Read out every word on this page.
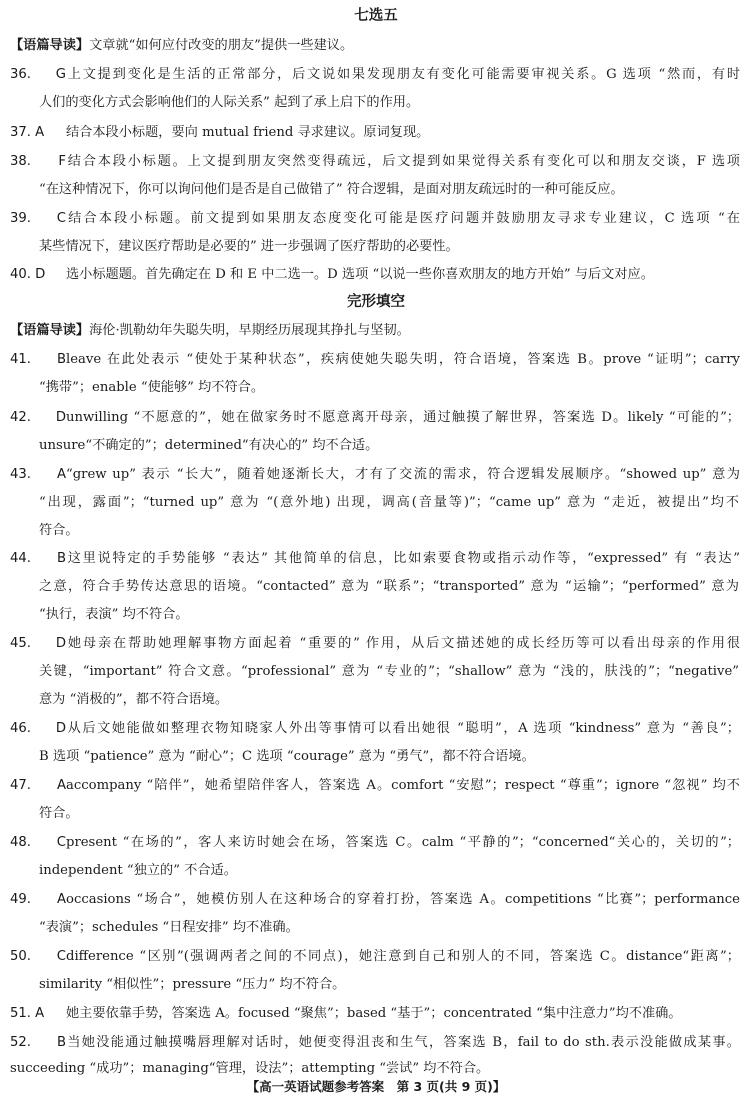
七选五
【语篇导读】文章就“如何应付改变的朋友”提供一些建议。
36. G上文提到变化是生活的正常部分，后文说如果发现朋友有变化可能需要审视关系。G 选项 “然而，有时
人们的变化方式会影响他们的人际关系” 起到了承上启下的作用。
37. A 结合本段小标题，要向 mutual friend 寻求建议。原词复现。
38. F结合本段小标题。上文提到朋友突然变得疏远，后文提到如果觉得关系有变化可以和朋友交谈，F 选项
“在这种情况下，你可以询问他们是否是自己做错了” 符合逻辑，是面对朋友疏远时的一种可能反应。
39. C结合本段小标题。前文提到如果朋友态度变化可能是医疗问题并鼓励朋友寻求专业建议，C 选项 “在
某些情况下，建议医疗帮助是必要的” 进一步强调了医疗帮助的必要性。
40. D 选小标题题。首先确定在 D 和 E 中二选一。D 选项 “以说一些你喜欢朋友的地方开始” 与后文对应。
完形填空
【语篇导读】海伦·凯勒幼年失聪失明，早期经历展现其挣扎与坚韧。
41. Bleave 在此处表示 “使处于某种状态”，疾病使她失聪失明，符合语境，答案选 B。prove “证明”；carry
“携带”；enable “使能够” 均不符合。
42. Dunwilling “不愿意的”，她在做家务时不愿意离开母亲，通过触摸了解世界，答案选 D。likely “可能的”；
unsure“不确定的”；determined“有决心的” 均不合适。
43. A“grew up” 表示 “长大”，随着她逐渐长大，才有了交流的需求，符合逻辑发展顺序。“showed up” 意为
“出现，露面”；“turned up” 意为 “(意外地) 出现，调高(音量等)”；“came up” 意为 “走近，被提出”均不
符合。
44. B这里说特定的手势能够 “表达” 其他简单的信息，比如索要食物或指示动作等，“expressed” 有 “表达”
之意，符合手势传达意思的语境。“contacted” 意为 “联系”；“transported” 意为 “运输”；“performed” 意为
“执行，表演” 均不符合。
45. D她母亲在帮助她理解事物方面起着 “重要的” 作用，从后文描述她的成长经历等可以看出母亲的作用很
关键，“important” 符合文意。“professional” 意为 “专业的”；“shallow” 意为 “浅的，肤浅的”；“negative”
意为 “消极的”，都不符合语境。
46. D从后文她能做如整理衣物知晓家人外出等事情可以看出她很 “聪明”，A 选项 “kindness” 意为 “善良”；
B 选项 “patience” 意为 “耐心”；C 选项 “courage” 意为 “勇气”，都不符合语境。
47. Aaccompany “陪伴”，她希望陪伴客人，答案选 A。comfort “安慰”；respect “尊重”；ignore “忽视” 均不
符合。
48. Cpresent “在场的”，客人来访时她会在场，答案选 C。calm “平静的”；“concerned“关心的，关切的”；
independent “独立的” 不合适。
49. Aoccasions “场合”，她模仿别人在这种场合的穿着打扮，答案选 A。competitions “比赛”；performance
“表演”；schedules “日程安排” 均不准确。
50. Cdifference “区别”(强调两者之间的不同点)，她注意到自己和别人的不同，答案选 C。distance“距离”；
similarity “相似性”；pressure “压力” 均不符合。
51. A 她主要依靠手势，答案选 A。focused “聚焦”；based “基于”；concentrated “集中注意力”均不准确。
52. B当她没能通过触摸嘴唇理解对话时，她便变得沮丧和生气，答案选 B，fail to do sth.表示没能做成某事。
succeeding “成功”；managing“管理，设法”；attempting “尝试” 均不符合。
【高一英语试题参考答案　第 3 页(共 9 页)】
